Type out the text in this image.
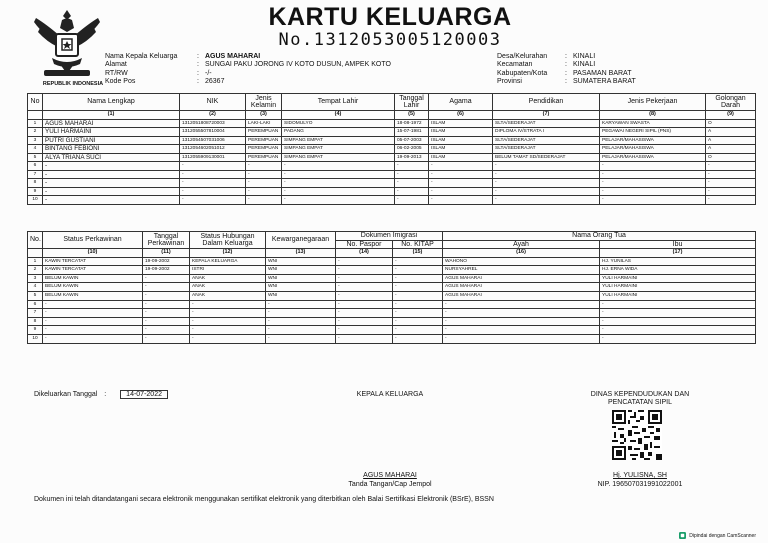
REPUBLIK INDONESIA
KARTU KELUARGA
No.1312053005120003
Nama Kepala Keluarga	: AGUS MAHARAI
Alamat	: SUNGAI PAKU JORONG IV KOTO DUSUN, AMPEK KOTO
RT/RW	: -/-
Kode Pos	: 26367
Desa/Kelurahan	: KINALI
Kecamatan	: KINALI
Kabupaten/Kota	: PASAMAN BARAT
Provinsi	: SUMATERA BARAT
No	Nama Lengkap	NIK	Jenis Kelamin	Tempat Lahir	Tanggal Lahir	Agama	Pendidikan	Jenis Pekerjaan	Golongan Darah
	(1)	(2)	(3)	(4)	(5)	(6)	(7)	(8)	(9)
1	AGUS MAHARAI	1312051808720003	LAKI-LAKI	SIDOMULYO	18-08-1972	ISLAM	SLTA/SEDERAJAT	KARYAWAN SWASTA	O
2	YULI HARMAINI	1312055507810004	PEREMPUAN	PADANG	15-07-1981	ISLAM	DIPLOMA IV/STRATA I	PEGAWAI NEGERI SIPIL (PNS)	A
3	PUTRI GUSTIANI	1312054507031006	PEREMPUAN	SIMPANG EMPAT	05-07-2003	ISLAM	SLTA/SEDERAJAT	PELAJAR/MAHASISWA	A
4	BINTANG FEBIONI	1312054602051012	PEREMPUAN	SIMPANG EMPAT	06-02-2005	ISLAM	SLTA/SEDERAJAT	PELAJAR/MAHASISWA	A
5	ALYA TRIANA SUCI	1312055909130001	PEREMPUAN	SIMPANG EMPAT	19-09-2013	ISLAM	BELUM TAMAT SD/SEDERAJAT	PELAJAR/MAHASISWA	O
6	-	-	-	-	-	-	-	-	-
7	-	-	-	-	-	-	-	-	-
8	-	-	-	-	-	-	-	-	-
9	-	-	-	-	-	-	-	-	-
10	-	-	-	-	-	-	-	-	-
No.	Status Perkawinan	Tanggal Perkawinan	Status Hubungan Dalam Keluarga	Kewarganegaraan	Dokumen Imigrasi		Nama Orang Tua	
					No. Paspor	No. KITAP	Ayah	Ibu
	(10)	(11)	(12)	(13)	(14)	(15)	(16)	(17)
1	KAWIN TERCATAT	19-09-2002	KEPALA KELUARGA	WNI	-	-	WAHONO	HJ. YUNILAS
2	KAWIN TERCATAT	19-09-2002	ISTRI	WNI	-	-	NURSYAHREL	HJ. ERNA WIDA
3	BELUM KAWIN	-	ANAK	WNI	-	-	AGUS MAHARAI	YULI HARMAINI
4	BELUM KAWIN	-	ANAK	WNI	-	-	AGUS MAHARAI	YULI HARMAINI
5	BELUM KAWIN	-	ANAK	WNI	-	-	AGUS MAHARAI	YULI HARMAINI
6	-	-	-	-	-	-	-	-
7	-	-	-	-	-	-	-	-
8	-	-	-	-	-	-	-	-
9	-	-	-	-	-	-	-	-
10	-	-	-	-	-	-	-	-
Dikeluarkan Tanggal :	14-07-2022	KEPALA KELUARGA
AGUS MAHARAI
Tanda Tangan/Cap Jempol
DINAS KEPENDUDUKAN DAN
PENCATATAN SIPIL
Hj. YULISNA, SH
NIP. 196507031991022001
Dokumen ini telah ditandatangani secara elektronik menggunakan sertifikat elektronik yang diterbitkan oleh Balai Sertifikasi Elektronik (BSrE), BSSN
Dipindai dengan CamScanner
